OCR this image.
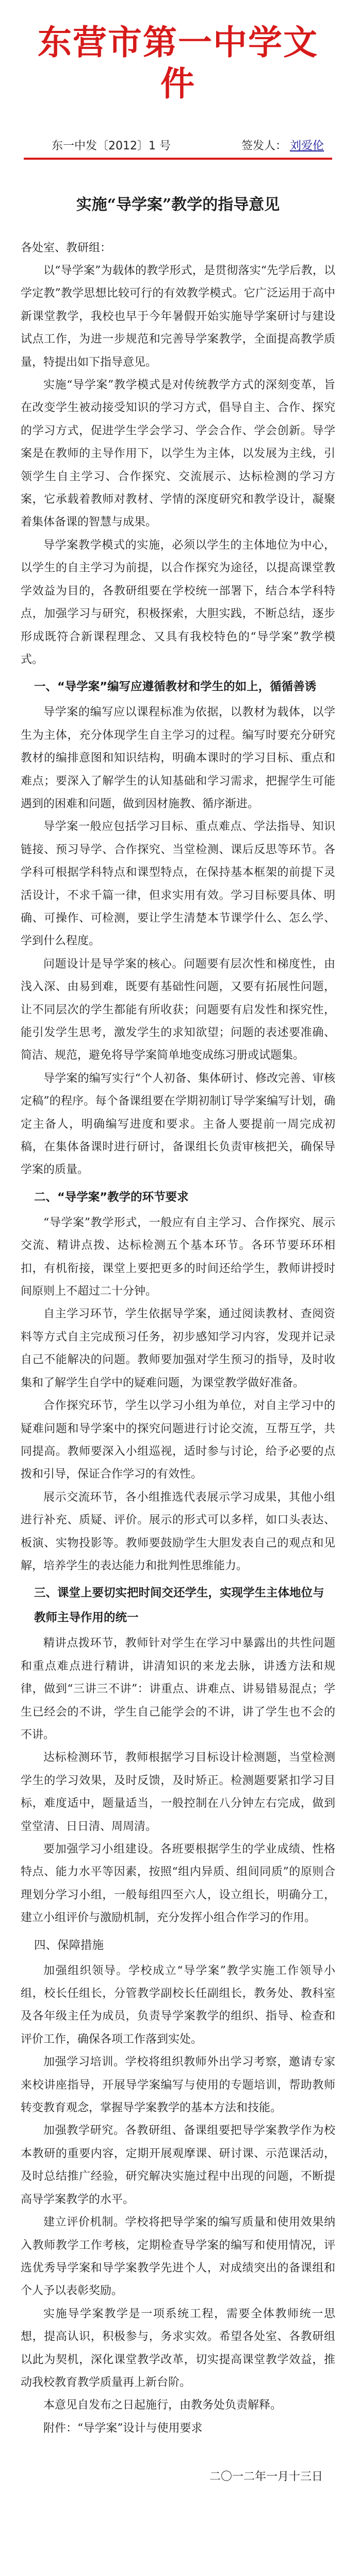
东营市第一中学文件
东一中发〔2012〕1 号	签发人： 刘爱伦
实施“导学案”教学的指导意见
各处室、教研组：

以“导学案”为载体的教学形式，是贯彻落实“先学后教，以学定教”教学思想比较可行的有效教学模式。它广泛运用于高中新课堂教学，我校也早于今年暑假开始实施导学案研讨与建设试点工作，为进一步规范和完善导学案教学，全面提高教学质量，特提出如下指导意见。

实施“导学案”教学模式是对传统教学方式的深刻变革，旨在改变学生被动接受知识的学习方式，倡导自主、合作、探究的学习方式，促进学生学会学习、学会合作、学会创新。导学案是在教师的主导作用下，以学生为主体，以发展为主线，引领学生自主学习、合作探究、交流展示、达标检测的学习方案，它承载着教师对教材、学情的深度研究和教学设计，凝聚着集体备课的智慧与成果。

导学案教学模式的实施，必须以学生的主体地位为中心，以学生的自主学习为前提，以合作探究为途径，以提高课堂教学效益为目的，各教研组要在学校统一部署下，结合本学科特点，加强学习与研究，积极探索，大胆实践，不断总结，逐步形成既符合新课程理念、又具有我校特色的“导学案”教学模式。

一、“导学案”编写应遵循教材和学生的如上，循循善诱

导学案的编写应以课程标准为依据，以教材为载体，以学生为主体，充分体现学生自主学习的过程。编写时要充分研究教材的编排意图和知识结构，明确本课时的学习目标、重点和难点；要深入了解学生的认知基础和学习需求，把握学生可能遇到的困难和问题，做到因材施教、循序渐进。

导学案一般应包括学习目标、重点难点、学法指导、知识链接、预习导学、合作探究、当堂检测、课后反思等环节。各学科可根据学科特点和课型特点，在保持基本框架的前提下灵活设计，不求千篇一律，但求实用有效。学习目标要具体、明确、可操作、可检测，要让学生清楚本节课学什么、怎么学、学到什么程度。

问题设计是导学案的核心。问题要有层次性和梯度性，由浅入深、由易到难，既要有基础性问题，又要有拓展性问题，让不同层次的学生都能有所收获；问题要有启发性和探究性，能引发学生思考，激发学生的求知欲望；问题的表述要准确、简洁、规范，避免将导学案简单地变成练习册或试题集。

导学案的编写实行“个人初备、集体研讨、修改完善、审核定稿”的程序。每个备课组要在学期初制订导学案编写计划，确定主备人，明确编写进度和要求。主备人要提前一周完成初稿，在集体备课时进行研讨，备课组长负责审核把关，确保导学案的质量。

二、“导学案”教学的环节要求

“导学案”教学形式，一般应有自主学习、合作探究、展示交流、精讲点拨、达标检测五个基本环节。各环节要环环相扣，有机衔接，课堂上要把更多的时间还给学生，教师讲授时间原则上不超过二十分钟。

自主学习环节，学生依据导学案，通过阅读教材、查阅资料等方式自主完成预习任务，初步感知学习内容，发现并记录自己不能解决的问题。教师要加强对学生预习的指导，及时收集和了解学生自学中的疑难问题，为课堂教学做好准备。

合作探究环节，学生以学习小组为单位，对自主学习中的疑难问题和导学案中的探究问题进行讨论交流，互帮互学，共同提高。教师要深入小组巡视，适时参与讨论，给予必要的点拨和引导，保证合作学习的有效性。

展示交流环节，各小组推选代表展示学习成果，其他小组进行补充、质疑、评价。展示的形式可以多样，如口头表达、板演、实物投影等。教师要鼓励学生大胆发表自己的观点和见解，培养学生的表达能力和批判性思维能力。

三、课堂上要切实把时间交还学生，实现学生主体地位与教师主导作用的统一

精讲点拨环节，教师针对学生在学习中暴露出的共性问题和重点难点进行精讲，讲清知识的来龙去脉，讲透方法和规律，做到“三讲三不讲”：讲重点、讲难点、讲易错易混点；学生已经会的不讲，学生自己能学会的不讲，讲了学生也不会的不讲。

达标检测环节，教师根据学习目标设计检测题，当堂检测学生的学习效果，及时反馈，及时矫正。检测题要紧扣学习目标，难度适中，题量适当，一般控制在八分钟左右完成，做到堂堂清、日日清、周周清。

要加强学习小组建设。各班要根据学生的学业成绩、性格特点、能力水平等因素，按照“组内异质、组间同质”的原则合理划分学习小组，一般每组四至六人，设立组长，明确分工，建立小组评价与激励机制，充分发挥小组合作学习的作用。

四、保障措施

加强组织领导。学校成立“导学案”教学实施工作领导小组，校长任组长，分管教学副校长任副组长，教务处、教科室及各年级主任为成员，负责导学案教学的组织、指导、检查和评价工作，确保各项工作落到实处。

加强学习培训。学校将组织教师外出学习考察，邀请专家来校讲座指导，开展导学案编写与使用的专题培训，帮助教师转变教育观念，掌握导学案教学的基本方法和技能。

加强教学研究。各教研组、备课组要把导学案教学作为校本教研的重要内容，定期开展观摩课、研讨课、示范课活动，及时总结推广经验，研究解决实施过程中出现的问题，不断提高导学案教学的水平。

建立评价机制。学校将把导学案的编写质量和使用效果纳入教师教学工作考核，定期检查导学案的编写和使用情况，评选优秀导学案和导学案教学先进个人，对成绩突出的备课组和个人予以表彰奖励。

实施导学案教学是一项系统工程，需要全体教师统一思想，提高认识，积极参与，务求实效。希望各处室、各教研组以此为契机，深化课堂教学改革，切实提高课堂教学效益，推动我校教育教学质量再上新台阶。

本意见自发布之日起施行，由教务处负责解释。

附件：“导学案”设计与使用要求
二〇一二年一月十三日
